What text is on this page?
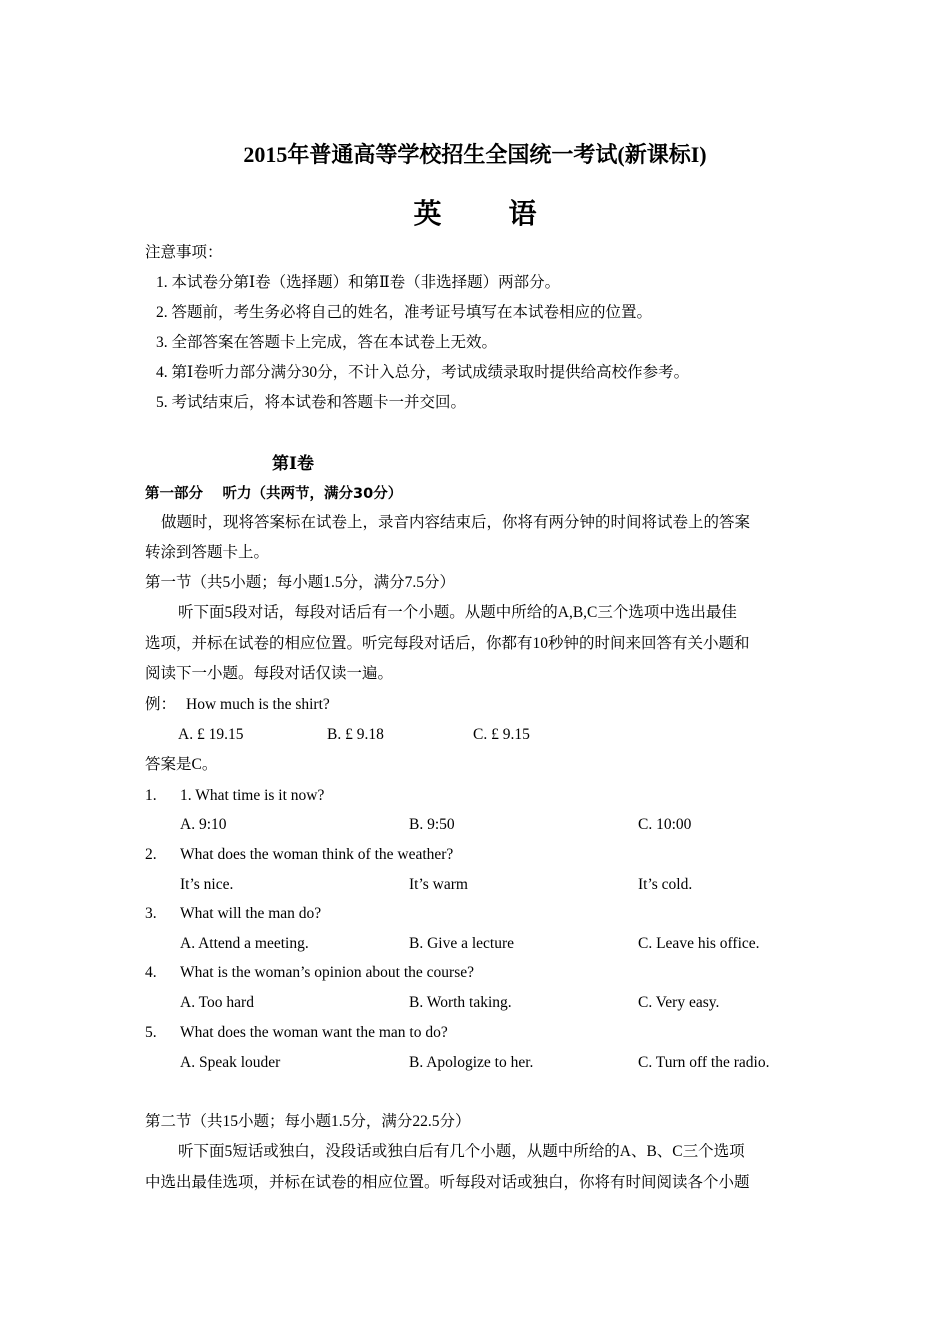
2015年普通高等学校招生全国统一考试(新课标I)
英 语
注意事项：
1. 本试卷分第Ⅰ卷（选择题）和第Ⅱ卷（非选择题）两部分。
2. 答题前，考生务必将自己的姓名，准考证号填写在本试卷相应的位置。
3. 全部答案在答题卡上完成，答在本试卷上无效。
4. 第Ⅰ卷听力部分满分30分，不计入总分，考试成绩录取时提供给高校作参考。
5. 考试结束后，将本试卷和答题卡一并交回。
第Ⅰ卷
第一部分　 听力（共两节，满分30分）
做题时，现将答案标在试卷上，录音内容结束后，你将有两分钟的时间将试卷上的答案
转涂到答题卡上。
第一节（共5小题；每小题1.5分，满分7.5分）
听下面5段对话，每段对话后有一个小题。从题中所给的A,B,C三个选项中选出最佳
选项，并标在试卷的相应位置。听完每段对话后，你都有10秒钟的时间来回答有关小题和
阅读下一小题。每段对话仅读一遍。
例： How much is the shirt?
A. £ 19.15	B. £ 9.18	C. £ 9.15
答案是C。
1. 1. What time is it now?
A. 9:10	B. 9:50	C. 10:00
2. What does the woman think of the weather?
It’s nice.	It’s warm	It’s cold.
3. What will the man do?
A. Attend a meeting.	B. Give a lecture	C. Leave his office.
4. What is the woman’s opinion about the course?
A. Too hard	B. Worth taking.	C. Very easy.
5. What does the woman want the man to do?
A. Speak louder	B. Apologize to her.	C. Turn off the radio.
第二节（共15小题；每小题1.5分，满分22.5分）
听下面5短话或独白，没段话或独白后有几个小题，从题中所给的A、B、C三个选项
中选出最佳选项，并标在试卷的相应位置。听每段对话或独白，你将有时间阅读各个小题
